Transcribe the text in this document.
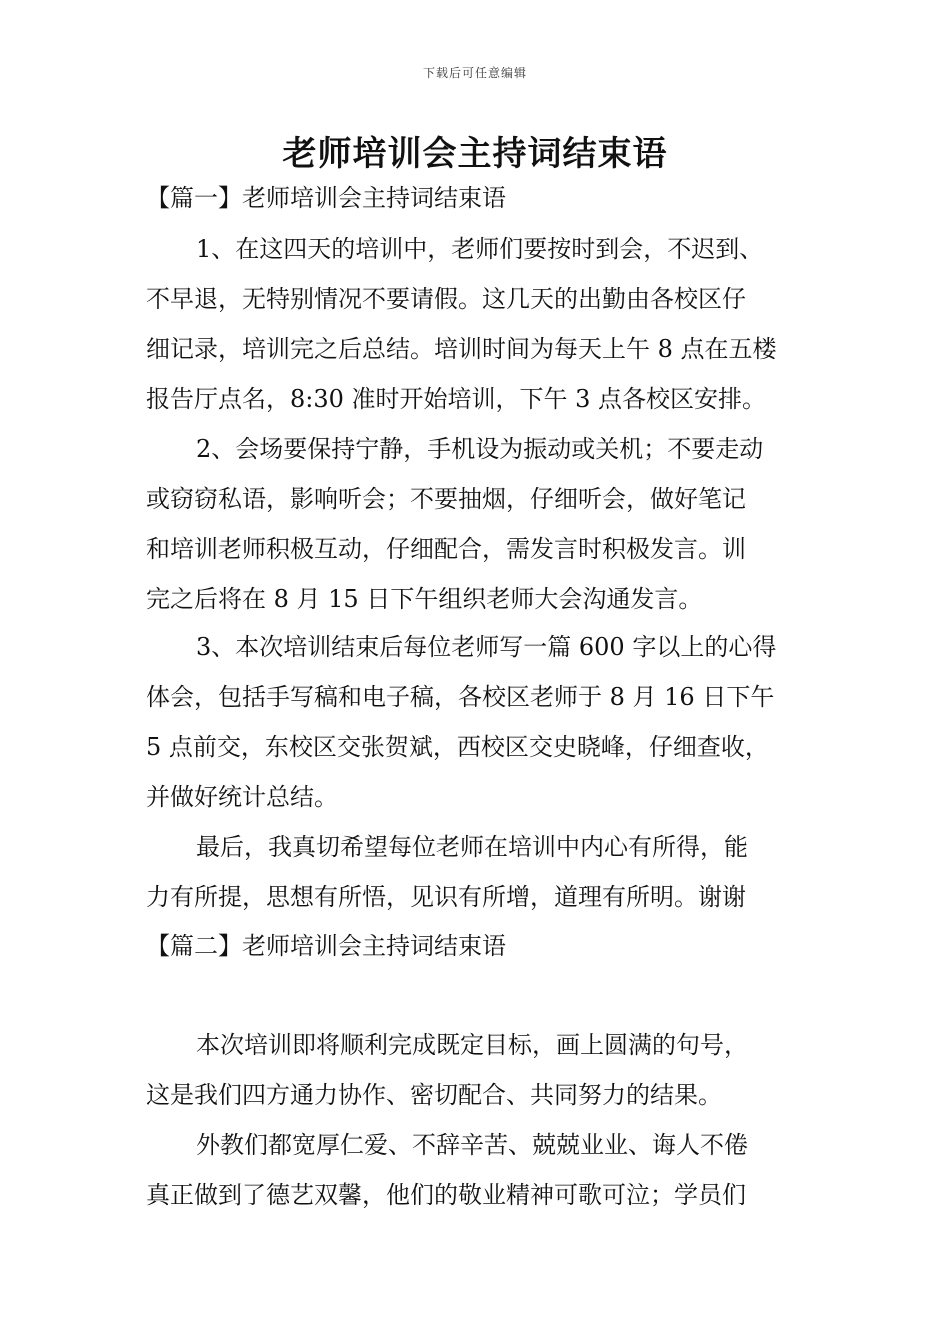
下载后可任意编辑
老师培训会主持词结束语
【篇一】老师培训会主持词结束语
1、在这四天的培训中，老师们要按时到会，不迟到、
不早退，无特别情况不要请假。这几天的出勤由各校区仔
细记录，培训完之后总结。培训时间为每天上午 8 点在五楼
报告厅点名，8:30 准时开始培训，下午 3 点各校区安排。
2、会场要保持宁静，手机设为振动或关机；不要走动
或窃窃私语，影响听会；不要抽烟，仔细听会，做好笔记
和培训老师积极互动，仔细配合，需发言时积极发言。训
完之后将在 8 月 15 日下午组织老师大会沟通发言。
3、本次培训结束后每位老师写一篇 600 字以上的心得
体会，包括手写稿和电子稿，各校区老师于 8 月 16 日下午
5 点前交，东校区交张贺斌，西校区交史晓峰，仔细查收，
并做好统计总结。
最后，我真切希望每位老师在培训中内心有所得，能
力有所提，思想有所悟，见识有所增，道理有所明。谢谢
【篇二】老师培训会主持词结束语
本次培训即将顺利完成既定目标，画上圆满的句号，
这是我们四方通力协作、密切配合、共同努力的结果。
外教们都宽厚仁爱、不辞辛苦、兢兢业业、诲人不倦
真正做到了德艺双馨，他们的敬业精神可歌可泣；学员们
